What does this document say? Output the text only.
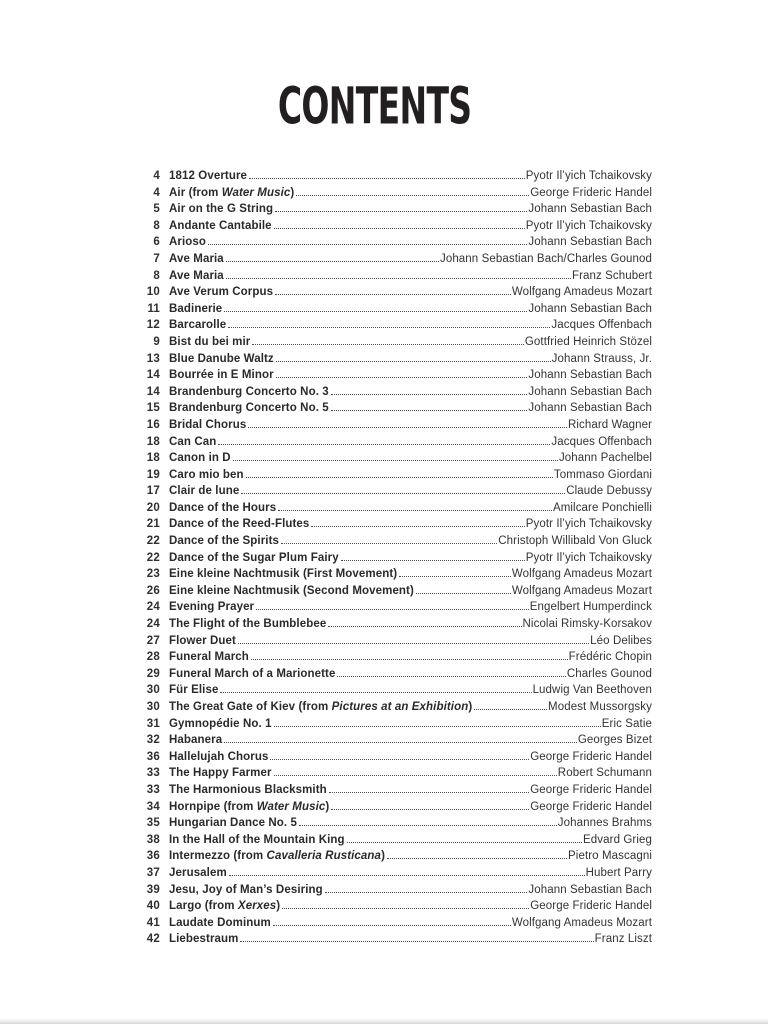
CONTENTS
4 1812 Overture	Pyotr Il’yich Tchaikovsky
4 Air (from Water Music)	George Frideric Handel
5 Air on the G String	Johann Sebastian Bach
8 Andante Cantabile	Pyotr Il’yich Tchaikovsky
6 Arioso	Johann Sebastian Bach
7 Ave Maria	Johann Sebastian Bach/Charles Gounod
8 Ave Maria	Franz Schubert
10 Ave Verum Corpus	Wolfgang Amadeus Mozart
11 Badinerie	Johann Sebastian Bach
12 Barcarolle	Jacques Offenbach
9 Bist du bei mir	Gottfried Heinrich Stözel
13 Blue Danube Waltz	Johann Strauss, Jr.
14 Bourrée in E Minor	Johann Sebastian Bach
14 Brandenburg Concerto No. 3	Johann Sebastian Bach
15 Brandenburg Concerto No. 5	Johann Sebastian Bach
16 Bridal Chorus	Richard Wagner
18 Can Can	Jacques Offenbach
18 Canon in D	Johann Pachelbel
19 Caro mio ben	Tommaso Giordani
17 Clair de lune	Claude Debussy
20 Dance of the Hours	Amilcare Ponchielli
21 Dance of the Reed-Flutes	Pyotr Il’yich Tchaikovsky
22 Dance of the Spirits	Christoph Willibald Von Gluck
22 Dance of the Sugar Plum Fairy	Pyotr Il’yich Tchaikovsky
23 Eine kleine Nachtmusik (First Movement)	Wolfgang Amadeus Mozart
26 Eine kleine Nachtmusik (Second Movement)	Wolfgang Amadeus Mozart
24 Evening Prayer	Engelbert Humperdinck
24 The Flight of the Bumblebee	Nicolai Rimsky-Korsakov
27 Flower Duet	Léo Delibes
28 Funeral March	Frédéric Chopin
29 Funeral March of a Marionette	Charles Gounod
30 Für Elise	Ludwig Van Beethoven
30 The Great Gate of Kiev (from Pictures at an Exhibition)	Modest Mussorgsky
31 Gymnopédie No. 1	Eric Satie
32 Habanera	Georges Bizet
36 Hallelujah Chorus	George Frideric Handel
33 The Happy Farmer	Robert Schumann
33 The Harmonious Blacksmith	George Frideric Handel
34 Hornpipe (from Water Music)	George Frideric Handel
35 Hungarian Dance No. 5	Johannes Brahms
38 In the Hall of the Mountain King	Edvard Grieg
36 Intermezzo (from Cavalleria Rusticana)	Pietro Mascagni
37 Jerusalem	Hubert Parry
39 Jesu, Joy of Man’s Desiring	Johann Sebastian Bach
40 Largo (from Xerxes)	George Frideric Handel
41 Laudate Dominum	Wolfgang Amadeus Mozart
42 Liebestraum	Franz Liszt
